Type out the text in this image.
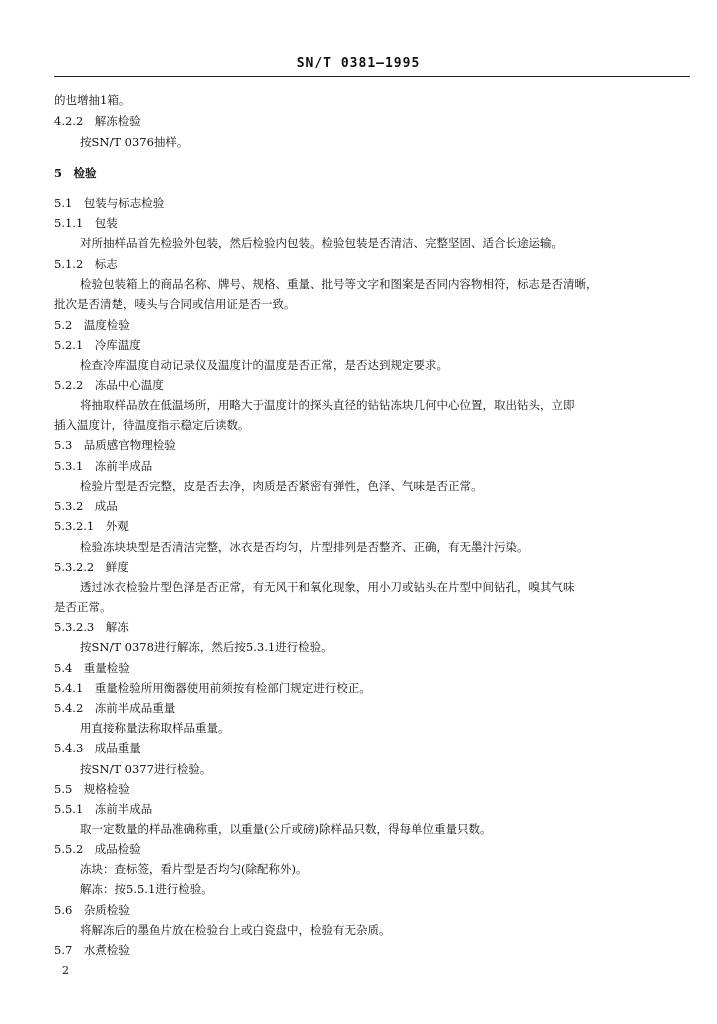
SN/T 0381—1995
的也增抽1箱。
4.2.2　解冻检验
按SN/T 0376抽样。
5　检验
5.1　包装与标志检验
5.1.1　包装
对所抽样品首先检验外包装，然后检验内包装。检验包装是否清洁、完整坚固、适合长途运输。
5.1.2　标志
检验包装箱上的商品名称、牌号、规格、重量、批号等文字和图案是否同内容物相符，标志是否清晰，
批次是否清楚，唛头与合同或信用证是否一致。
5.2　温度检验
5.2.1　冷库温度
检查冷库温度自动记录仪及温度计的温度是否正常，是否达到规定要求。
5.2.2　冻品中心温度
将抽取样品放在低温场所，用略大于温度计的探头直径的钻钻冻块几何中心位置，取出钻头，立即
插入温度计，待温度指示稳定后读数。
5.3　品质感官物理检验
5.3.1　冻前半成品
检验片型是否完整，皮是否去净，肉质是否紧密有弹性，色泽、气味是否正常。
5.3.2　成品
5.3.2.1　外观
检验冻块块型是否清洁完整，冰衣是否均匀，片型排列是否整齐、正确，有无墨汁污染。
5.3.2.2　鲜度
透过冰衣检验片型色泽是否正常，有无风干和氧化现象，用小刀或钻头在片型中间钻孔，嗅其气味
是否正常。
5.3.2.3　解冻
按SN/T 0378进行解冻，然后按5.3.1进行检验。
5.4　重量检验
5.4.1　重量检验所用衡器使用前须按有检部门规定进行校正。
5.4.2　冻前半成品重量
用直接称量法称取样品重量。
5.4.3　成品重量
按SN/T 0377进行检验。
5.5　规格检验
5.5.1　冻前半成品
取一定数量的样品准确称重，以重量(公斤或磅)除样品只数，得每单位重量只数。
5.5.2　成品检验
冻块：查标签，看片型是否均匀(除配称外)。
解冻：按5.5.1进行检验。
5.6　杂质检验
将解冻后的墨鱼片放在检验台上或白瓷盘中，检验有无杂质。
5.7　水煮检验
2
